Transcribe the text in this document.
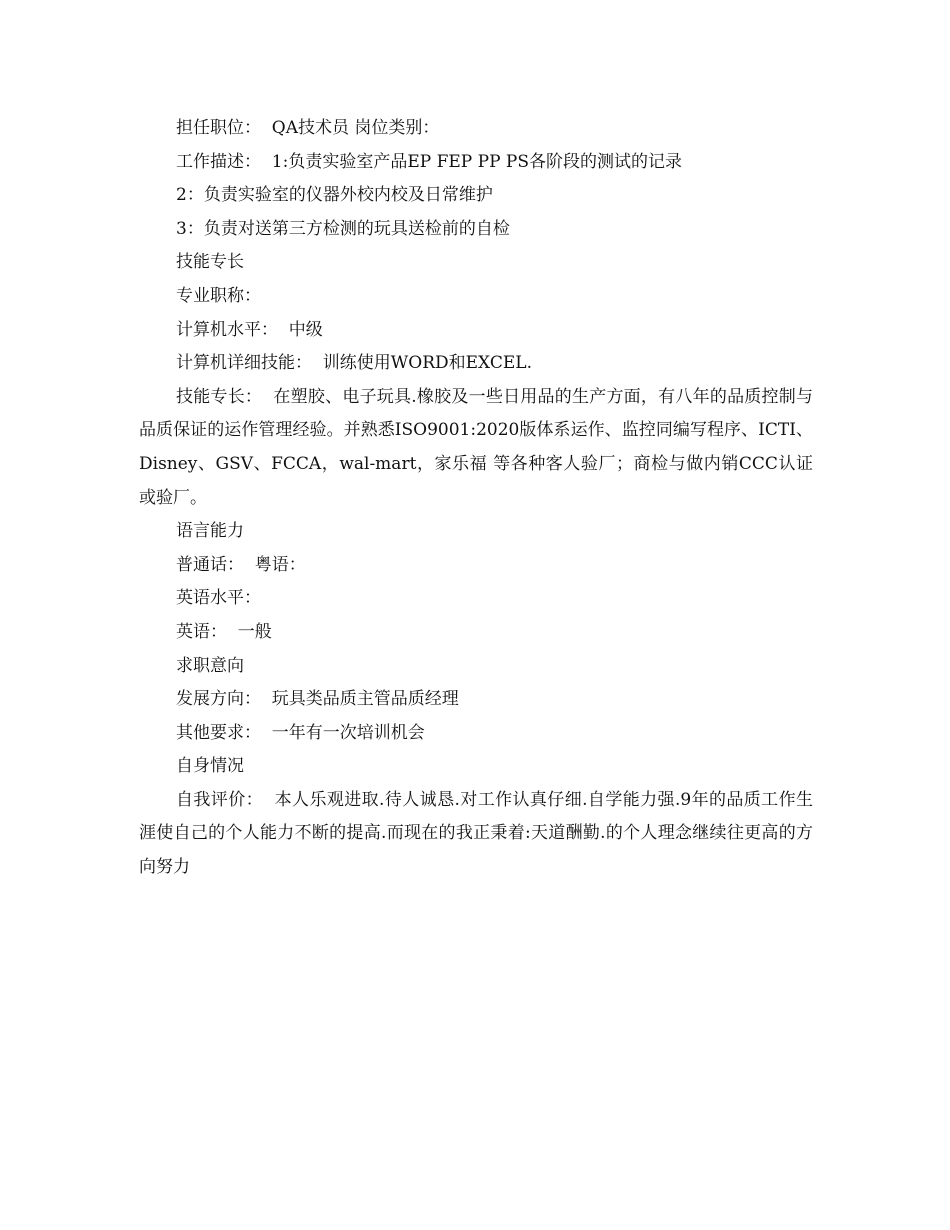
担任职位：  QA技术员 岗位类别：

工作描述：  1:负责实验室产品EP FEP PP PS各阶段的测试的记录

2：负责实验室的仪器外校内校及日常维护

3：负责对送第三方检测的玩具送检前的自检

技能专长

专业职称：

计算机水平：  中级

计算机详细技能：  训练使用WORD和EXCEL.

技能专长：  在塑胶、电子玩具.橡胶及一些日用品的生产方面，有八年的品质控制与品质保证的运作管理经验。并熟悉ISO9001:2020版体系运作、监控同编写程序、ICTI、Disney、GSV、FCCA，wal-mart，家乐福 等各种客人验厂；商检与做内销CCC认证或验厂。

语言能力

普通话：  粤语：

英语水平：

英语：  一般

求职意向

发展方向：  玩具类品质主管品质经理

其他要求：  一年有一次培训机会

自身情况

自我评价：  本人乐观进取.待人诚恳.对工作认真仔细.自学能力强.9年的品质工作生涯使自己的个人能力不断的提高.而现在的我正秉着:天道酬勤.的个人理念继续往更高的方向努力
